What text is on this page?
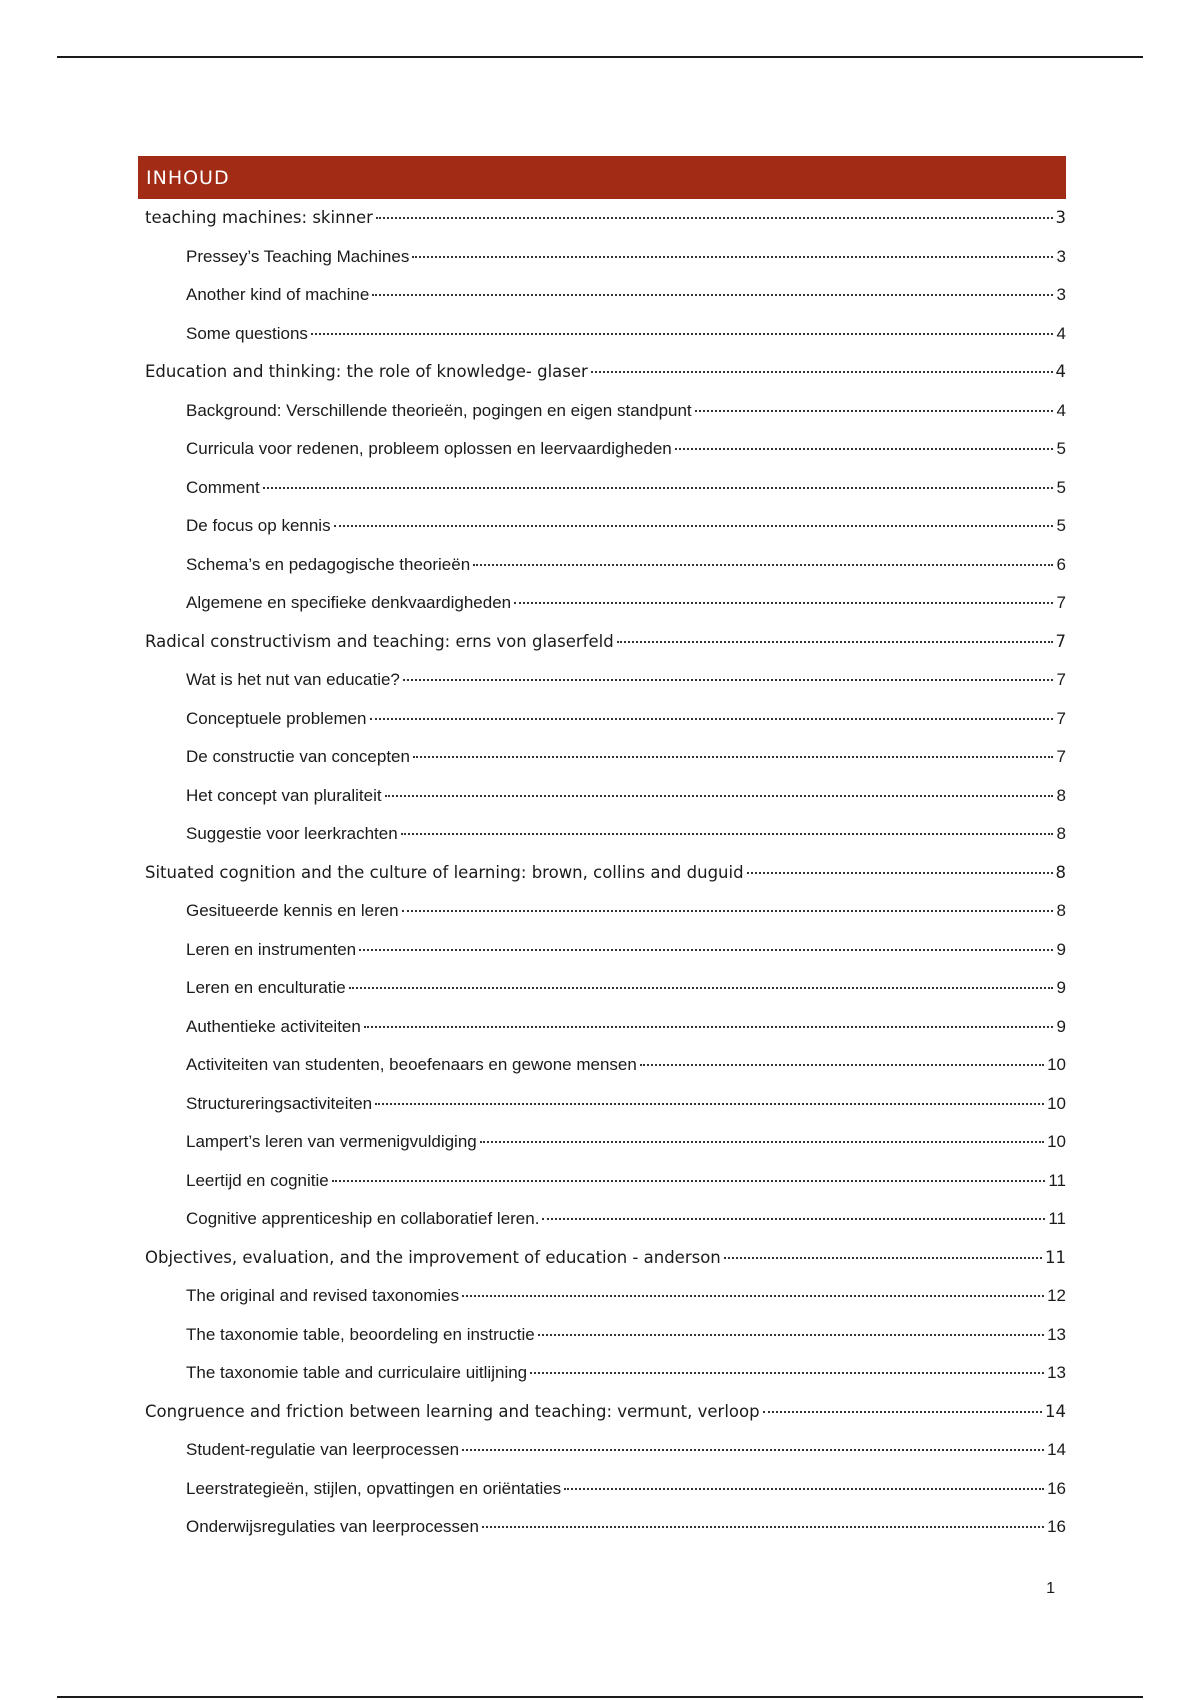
INHOUD
teaching machines: skinner	3
Pressey’s Teaching Machines	3
Another kind of machine	3
Some questions	4
Education and thinking: the role of knowledge- glaser	4
Background: Verschillende theorieën, pogingen en eigen standpunt	4
Curricula voor redenen, probleem oplossen en leervaardigheden	5
Comment	5
De focus op kennis	5
Schema’s en pedagogische theorieën	6
Algemene en specifieke denkvaardigheden	7
Radical constructivism and teaching: erns von glaserfeld	7
Wat is het nut van educatie?	7
Conceptuele problemen	7
De constructie van concepten	7
Het concept van pluraliteit	8
Suggestie voor leerkrachten	8
Situated cognition and the culture of learning: brown, collins and duguid	8
Gesitueerde kennis en leren	8
Leren en instrumenten	9
Leren en enculturatie	9
Authentieke activiteiten	9
Activiteiten van studenten, beoefenaars en gewone mensen	10
Structureringsactiviteiten	10
Lampert’s leren van vermenigvuldiging	10
Leertijd en cognitie	11
Cognitive apprenticeship en collaboratief leren.	11
Objectives, evaluation, and the improvement of education - anderson	11
The original and revised taxonomies	12
The taxonomie table, beoordeling en instructie	13
The taxonomie table and curriculaire uitlijning	13
Congruence and friction between learning and teaching: vermunt, verloop	14
Student-regulatie van leerprocessen	14
Leerstrategieën, stijlen, opvattingen en oriëntaties	16
Onderwijsregulaties van leerprocessen	16
1
